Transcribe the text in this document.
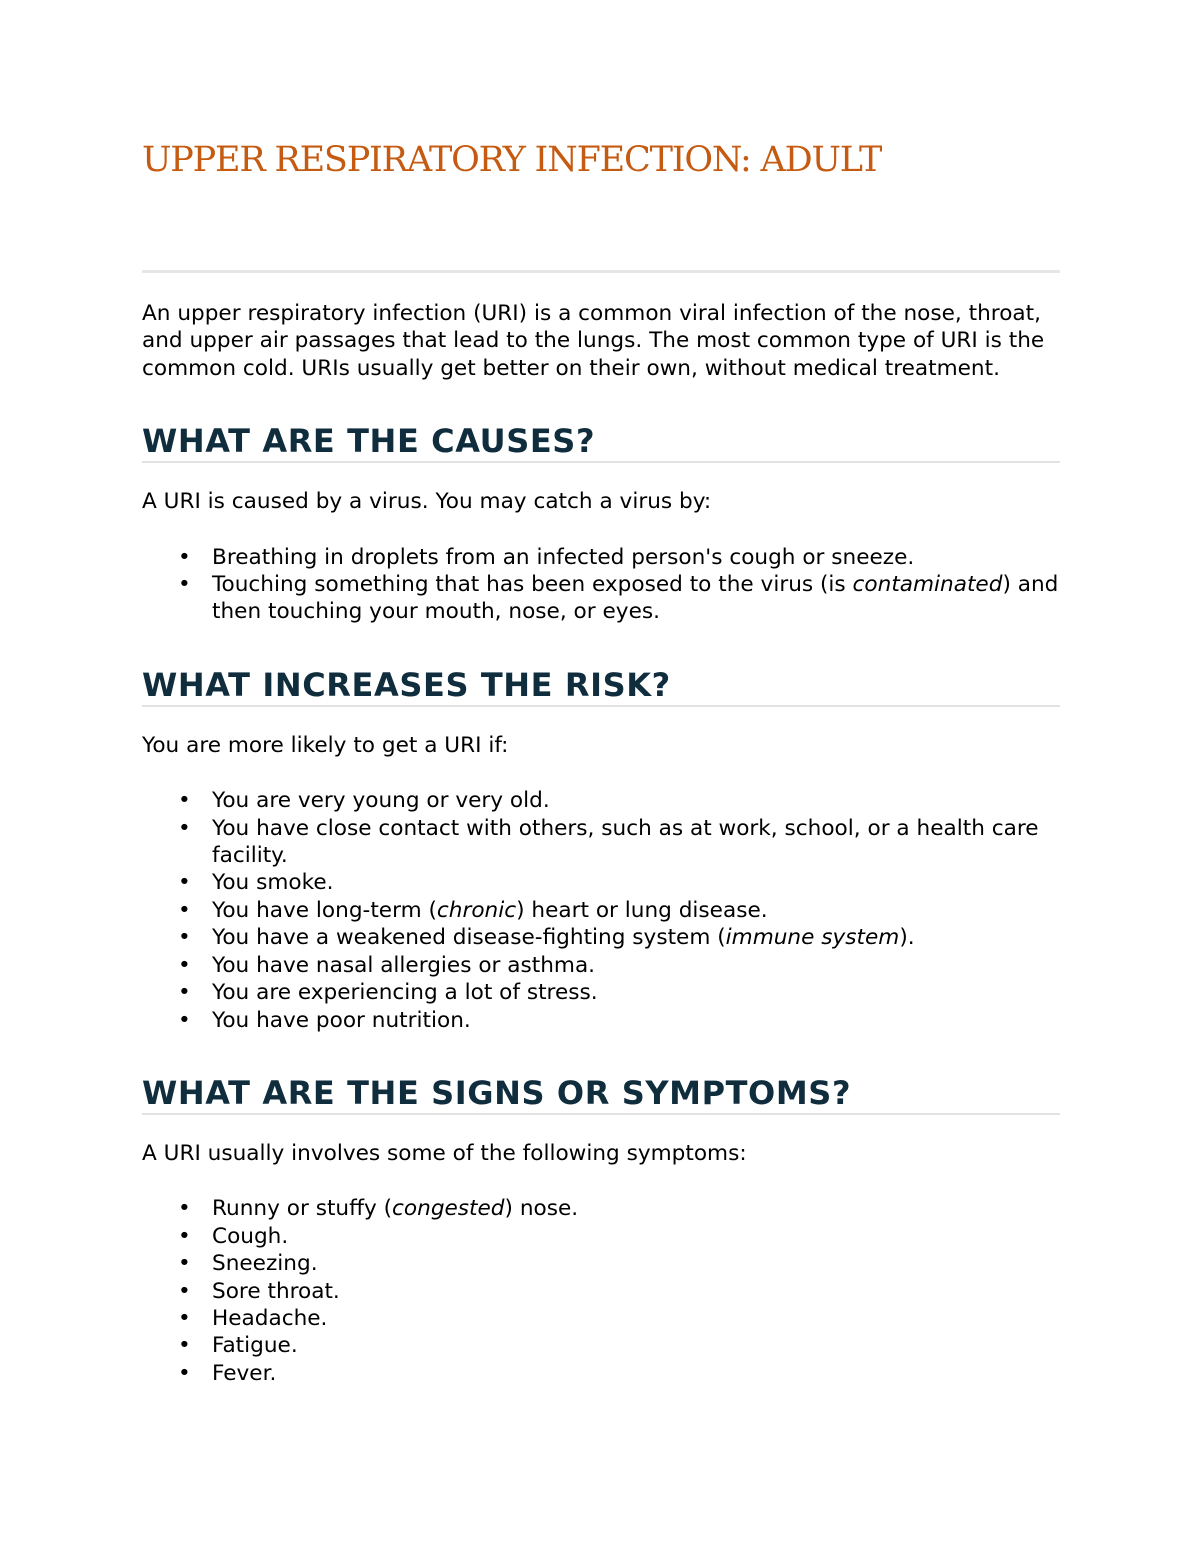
UPPER RESPIRATORY INFECTION: ADULT

An upper respiratory infection (URI) is a common viral infection of the nose, throat, and upper air passages that lead to the lungs. The most common type of URI is the common cold. URIs usually get better on their own, without medical treatment.

WHAT ARE THE CAUSES?

A URI is caused by a virus. You may catch a virus by:

• Breathing in droplets from an infected person's cough or sneeze.
• Touching something that has been exposed to the virus (is contaminated) and then touching your mouth, nose, or eyes.
WHAT INCREASES THE RISK?

You are more likely to get a URI if:

• You are very young or very old.
• You have close contact with others, such as at work, school, or a health care facility.
• You smoke.
• You have long-term (chronic) heart or lung disease.
• You have a weakened disease-fighting system (immune system).
• You have nasal allergies or asthma.
• You are experiencing a lot of stress.
• You have poor nutrition.
WHAT ARE THE SIGNS OR SYMPTOMS?

A URI usually involves some of the following symptoms:

• Runny or stuffy (congested) nose.
• Cough.
• Sneezing.
• Sore throat.
• Headache.
• Fatigue.
• Fever.
